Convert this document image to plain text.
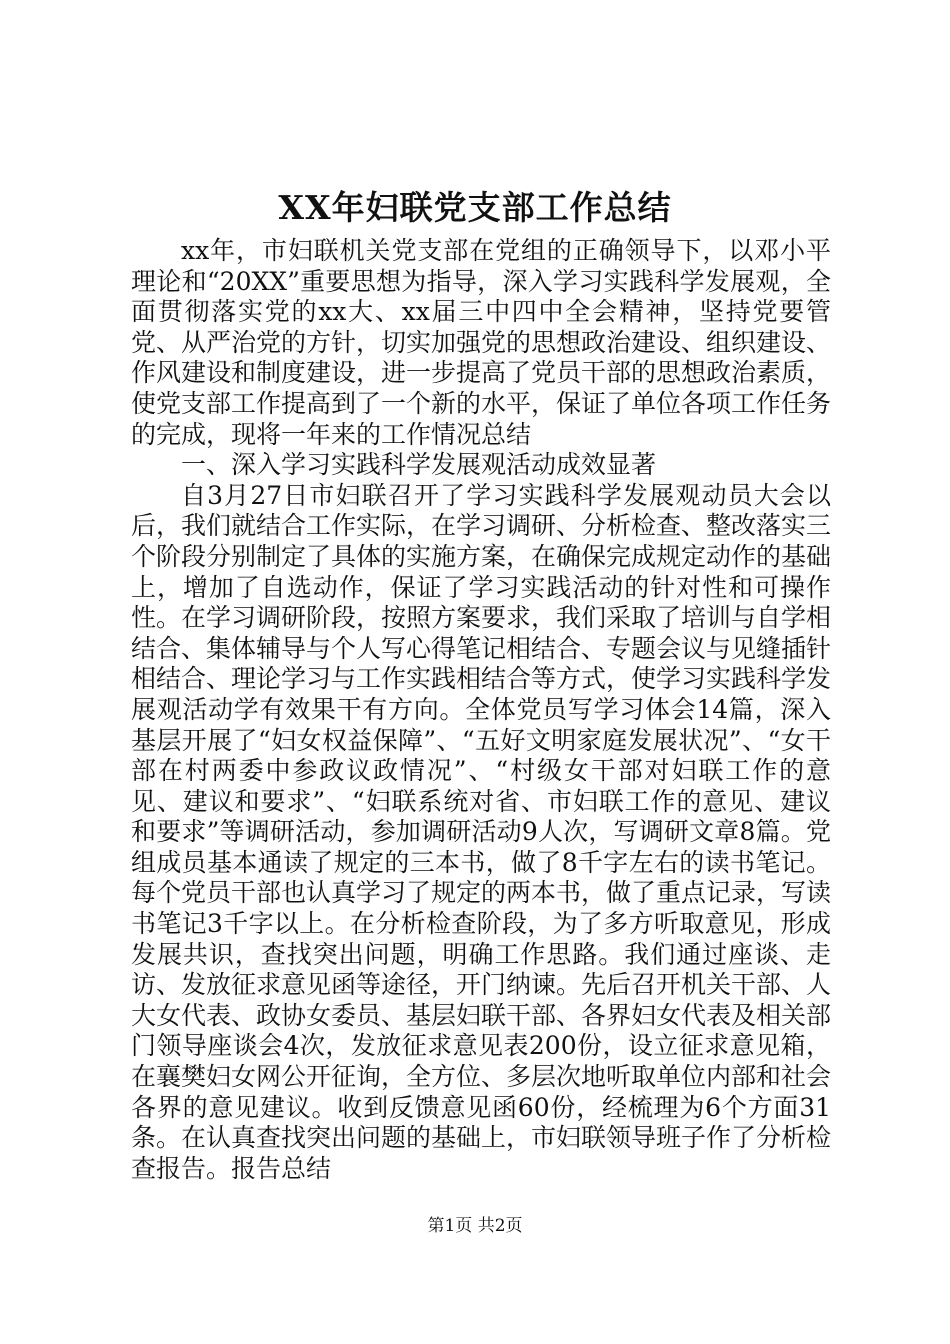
XX年妇联党支部工作总结

xx年，市妇联机关党支部在党组的正确领导下，以邓小平理论和“20XX”重要思想为指导，深入学习实践科学发展观，全面贯彻落实党的xx大、xx届三中四中全会精神，坚持党要管党、从严治党的方针，切实加强党的思想政治建设、组织建设、作风建设和制度建设，进一步提高了党员干部的思想政治素质，使党支部工作提高到了一个新的水平，保证了单位各项工作任务的完成，现将一年来的工作情况总结

一、深入学习实践科学发展观活动成效显著

自3月27日市妇联召开了学习实践科学发展观动员大会以后，我们就结合工作实际，在学习调研、分析检查、整改落实三个阶段分别制定了具体的实施方案，在确保完成规定动作的基础上，增加了自选动作，保证了学习实践活动的针对性和可操作性。在学习调研阶段，按照方案要求，我们采取了培训与自学相结合、集体辅导与个人写心得笔记相结合、专题会议与见缝插针相结合、理论学习与工作实践相结合等方式，使学习实践科学发展观活动学有效果干有方向。全体党员写学习体会14篇，深入基层开展了“妇女权益保障”、“五好文明家庭发展状况”、“女干部在村两委中参政议政情况”、“村级女干部对妇联工作的意见、建议和要求”、“妇联系统对省、市妇联工作的意见、建议和要求”等调研活动，参加调研活动9人次，写调研文章8篇。党组成员基本通读了规定的三本书，做了8千字左右的读书笔记。每个党员干部也认真学习了规定的两本书，做了重点记录，写读书笔记3千字以上。在分析检查阶段，为了多方听取意见，形成发展共识，查找突出问题，明确工作思路。我们通过座谈、走访、发放征求意见函等途径，开门纳谏。先后召开机关干部、人大女代表、政协女委员、基层妇联干部、各界妇女代表及相关部门领导座谈会4次，发放征求意见表200份，设立征求意见箱，在襄樊妇女网公开征询，全方位、多层次地听取单位内部和社会各界的意见建议。收到反馈意见函60份，经梳理为6个方面31条。在认真查找突出问题的基础上，市妇联领导班子作了分析检查报告。报告总结

第1页 共2页
